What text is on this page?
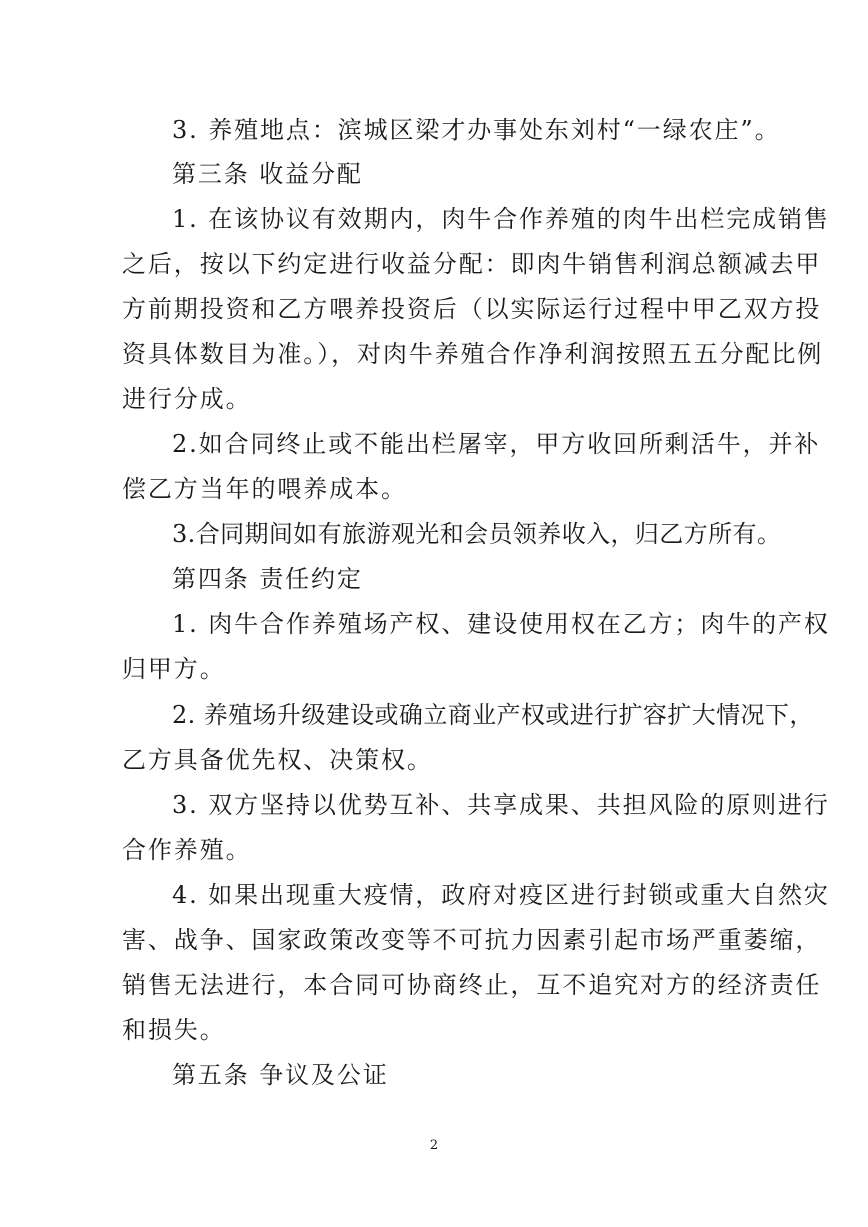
3. 养殖地点：滨城区梁才办事处东刘村“一绿农庄”。
第三条 收益分配
1. 在该协议有效期内，肉牛合作养殖的肉牛出栏完成销售
之后，按以下约定进行收益分配：即肉牛销售利润总额减去甲
方前期投资和乙方喂养投资后（以实际运行过程中甲乙双方投
资具体数目为准。），对肉牛养殖合作净利润按照五五分配比例
进行分成。
2.如合同终止或不能出栏屠宰，甲方收回所剩活牛，并补
偿乙方当年的喂养成本。
3.合同期间如有旅游观光和会员领养收入，归乙方所有。
第四条 责任约定
1. 肉牛合作养殖场产权、建设使用权在乙方；肉牛的产权
归甲方。
2. 养殖场升级建设或确立商业产权或进行扩容扩大情况下，
乙方具备优先权、决策权。
3. 双方坚持以优势互补、共享成果、共担风险的原则进行
合作养殖。
4. 如果出现重大疫情，政府对疫区进行封锁或重大自然灾
害、战争、国家政策改变等不可抗力因素引起市场严重萎缩，
销售无法进行，本合同可协商终止，互不追究对方的经济责任
和损失。
第五条 争议及公证
2
